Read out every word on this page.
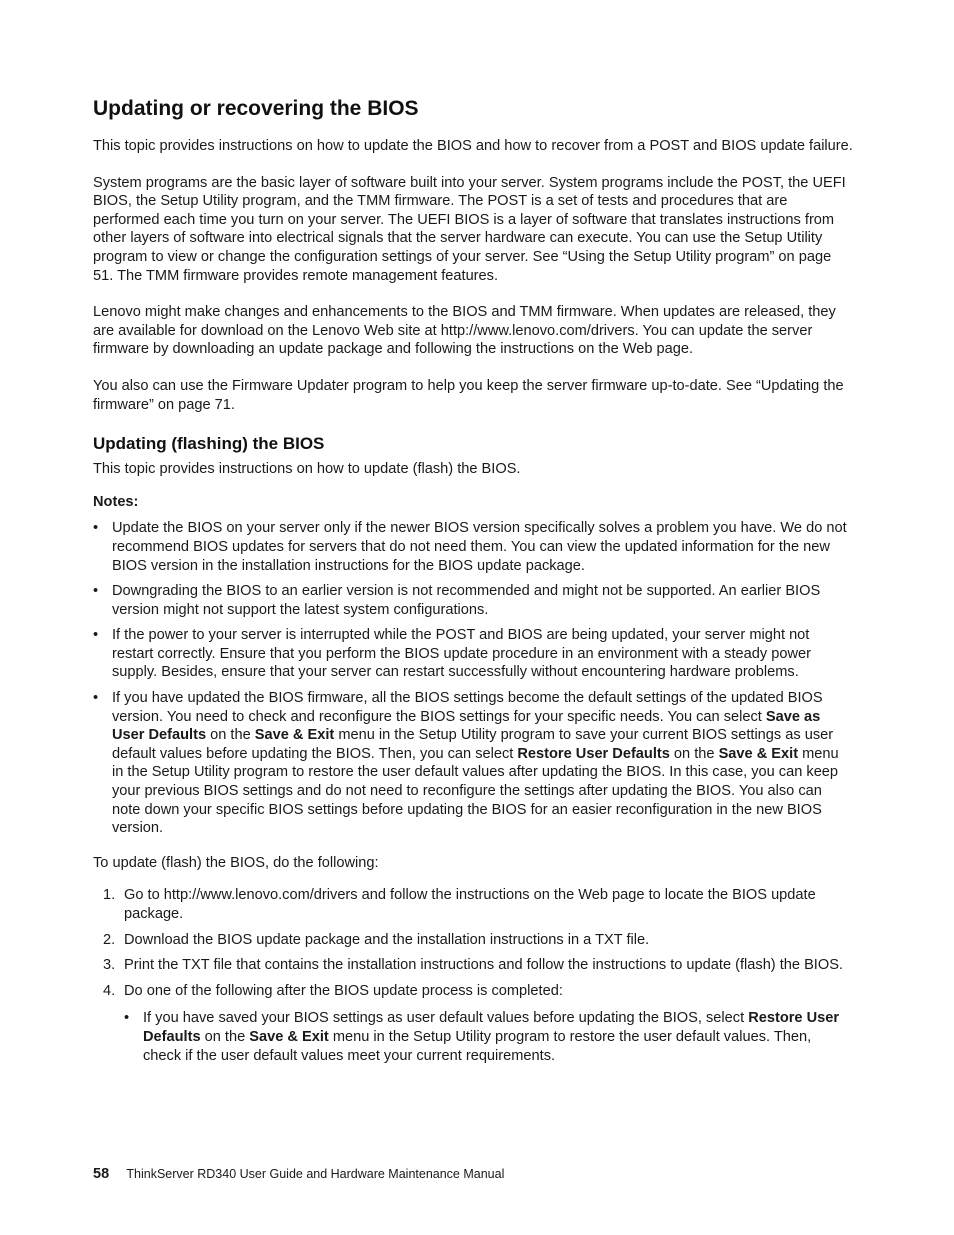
Updating or recovering the BIOS

This topic provides instructions on how to update the BIOS and how to recover from a POST and BIOS update failure.

System programs are the basic layer of software built into your server. System programs include the POST, the UEFI BIOS, the Setup Utility program, and the TMM firmware. The POST is a set of tests and procedures that are performed each time you turn on your server. The UEFI BIOS is a layer of software that translates instructions from other layers of software into electrical signals that the server hardware can execute. You can use the Setup Utility program to view or change the configuration settings of your server. See “Using the Setup Utility program” on page 51. The TMM firmware provides remote management features.

Lenovo might make changes and enhancements to the BIOS and TMM firmware. When updates are released, they are available for download on the Lenovo Web site at http://www.lenovo.com/drivers. You can update the server firmware by downloading an update package and following the instructions on the Web page.

You also can use the Firmware Updater program to help you keep the server firmware up-to-date. See “Updating the firmware” on page 71.

Updating (flashing) the BIOS

This topic provides instructions on how to update (flash) the BIOS.

Notes:

• Update the BIOS on your server only if the newer BIOS version specifically solves a problem you have. We do not recommend BIOS updates for servers that do not need them. You can view the updated information for the new BIOS version in the installation instructions for the BIOS update package.
• Downgrading the BIOS to an earlier version is not recommended and might not be supported. An earlier BIOS version might not support the latest system configurations.
• If the power to your server is interrupted while the POST and BIOS are being updated, your server might not restart correctly. Ensure that you perform the BIOS update procedure in an environment with a steady power supply. Besides, ensure that your server can restart successfully without encountering hardware problems.
• If you have updated the BIOS firmware, all the BIOS settings become the default settings of the updated BIOS version. You need to check and reconfigure the BIOS settings for your specific needs. You can select Save as User Defaults on the Save & Exit menu in the Setup Utility program to save your current BIOS settings as user default values before updating the BIOS. Then, you can select Restore User Defaults on the Save & Exit menu in the Setup Utility program to restore the user default values after updating the BIOS. In this case, you can keep your previous BIOS settings and do not need to reconfigure the settings after updating the BIOS. You also can note down your specific BIOS settings before updating the BIOS for an easier reconfiguration in the new BIOS version.

To update (flash) the BIOS, do the following:

1. Go to http://www.lenovo.com/drivers and follow the instructions on the Web page to locate the BIOS update package.
2. Download the BIOS update package and the installation instructions in a TXT file.
3. Print the TXT file that contains the installation instructions and follow the instructions to update (flash) the BIOS.
4. Do one of the following after the BIOS update process is completed:
• If you have saved your BIOS settings as user default values before updating the BIOS, select Restore User Defaults on the Save & Exit menu in the Setup Utility program to restore the user default values. Then, check if the user default values meet your current requirements.
58 ThinkServer RD340 User Guide and Hardware Maintenance Manual
